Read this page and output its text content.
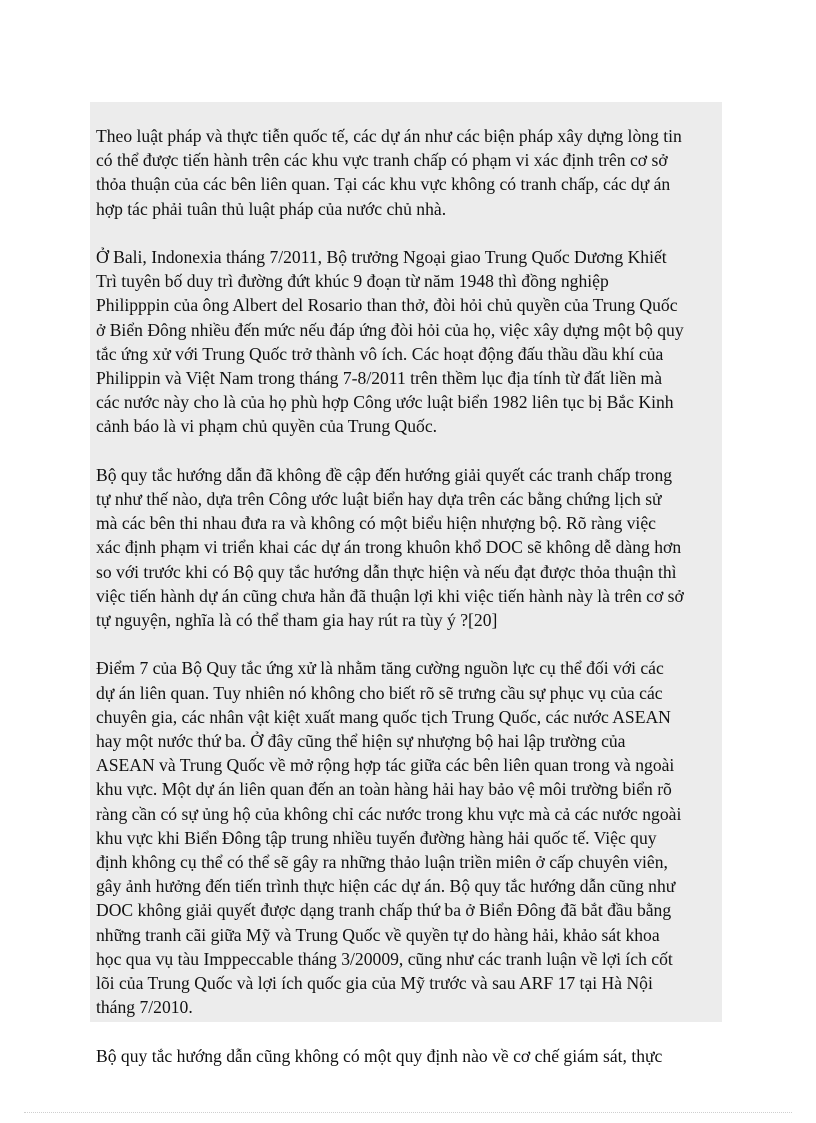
Theo luật pháp và thực tiễn quốc tế, các dự án như các biện pháp xây dựng lòng tin
có thể được tiến hành trên các khu vực tranh chấp có phạm vi xác định trên cơ sở
thỏa thuận của các bên liên quan. Tại các khu vực không có tranh chấp, các dự án
hợp tác phải tuân thủ luật pháp của nước chủ nhà.

Ở Bali, Indonexia tháng 7/2011, Bộ trưởng Ngoại giao Trung Quốc Dương Khiết
Trì tuyên bố duy trì đường đứt khúc 9 đoạn từ năm 1948 thì đồng nghiệp
Philipppin của ông Albert del Rosario than thở, đòi hỏi chủ quyền của Trung Quốc
ở Biển Đông nhiều đến mức nếu đáp ứng đòi hỏi của họ, việc xây dựng một bộ quy
tắc ứng xử với Trung Quốc trở thành vô ích. Các hoạt động đấu thầu dầu khí của
Philippin và Việt Nam trong tháng 7-8/2011 trên thềm lục địa tính từ đất liền mà
các nước này cho là của họ phù hợp Công ước luật biển 1982 liên tục bị Bắc Kinh
cảnh báo là vi phạm chủ quyền của Trung Quốc.

Bộ quy tắc hướng dẫn đã không đề cập đến hướng giải quyết các tranh chấp trong
tự như thế nào, dựa trên Công ước luật biển hay dựa trên các bằng chứng lịch sử
mà các bên thi nhau đưa ra và không có một biểu hiện nhượng bộ. Rõ ràng việc
xác định phạm vi triển khai các dự án trong khuôn khổ DOC sẽ không dễ dàng hơn
so với trước khi có Bộ quy tắc hướng dẫn thực hiện và nếu đạt được thỏa thuận thì
việc tiến hành dự án cũng chưa hẳn đã thuận lợi khi việc tiến hành này là trên cơ sở
tự nguyện, nghĩa là có thể tham gia hay rút ra tùy ý ?[20]

Điểm 7 của Bộ Quy tắc ứng xử là nhằm tăng cường nguồn lực cụ thể đối với các
dự án liên quan. Tuy nhiên nó không cho biết rõ sẽ trưng cầu sự phục vụ của các
chuyên gia, các nhân vật kiệt xuất mang quốc tịch Trung Quốc, các nước ASEAN
hay một nước thứ ba. Ở đây cũng thể hiện sự nhượng bộ hai lập trường của
ASEAN và Trung Quốc về mở rộng hợp tác giữa các bên liên quan trong và ngoài
khu vực. Một dự án liên quan đến an toàn hàng hải hay bảo vệ môi trường biển rõ
ràng cần có sự ủng hộ của không chỉ các nước trong khu vực mà cả các nước ngoài
khu vực khi Biển Đông tập trung nhiều tuyến đường hàng hải quốc tế. Việc quy
định không cụ thể có thể sẽ gây ra những thảo luận triền miên ở cấp chuyên viên,
gây ảnh hưởng đến tiến trình thực hiện các dự án. Bộ quy tắc hướng dẫn cũng như
DOC không giải quyết được dạng tranh chấp thứ ba ở Biển Đông đã bắt đầu bằng
những tranh cãi giữa Mỹ và Trung Quốc về quyền tự do hàng hải, khảo sát khoa
học qua vụ tàu Imppeccable tháng 3/20009, cũng như các tranh luận về lợi ích cốt
lõi của Trung Quốc và lợi ích quốc gia của Mỹ trước và sau ARF 17 tại Hà Nội
tháng 7/2010.

Bộ quy tắc hướng dẫn cũng không có một quy định nào về cơ chế giám sát, thực
